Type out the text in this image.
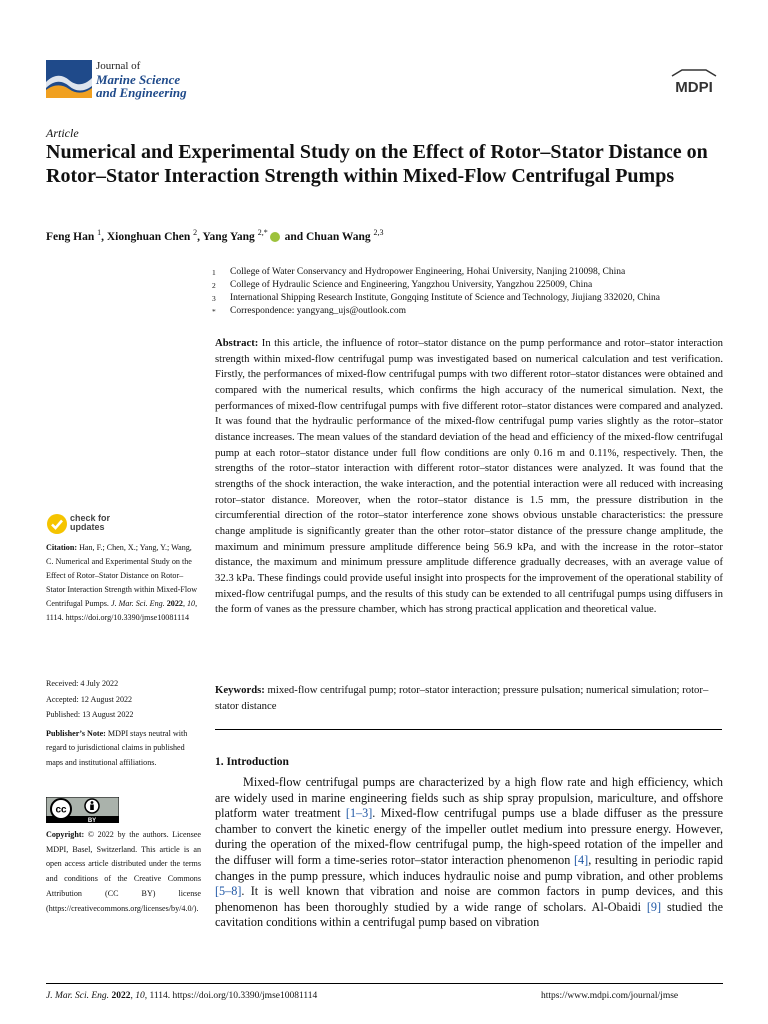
Journal of
Marine Science
and Engineering	MDPI
Article
Numerical and Experimental Study on the Effect of Rotor–Stator Distance on Rotor–Stator Interaction Strength within Mixed-Flow Centrifugal Pumps
Feng Han $^1$, Xionghuan Chen $^2$, Yang Yang $^{2,*}$ and Chuan Wang $^{2,3}$
1	College of Water Conservancy and Hydropower Engineering, Hohai University, Nanjing 210098, China
2	College of Hydraulic Science and Engineering, Yangzhou University, Yangzhou 225009, China
3	International Shipping Research Institute, Gongqing Institute of Science and Technology, Jiujiang 332020, China
*	Correspondence: yangyang_ujs@outlook.com

Abstract: In this article, the influence of rotor–stator distance on the pump performance and rotor–stator interaction strength within mixed-flow centrifugal pump was investigated based on numerical calculation and test verification. Firstly, the performances of mixed-flow centrifugal pumps with two different rotor–stator distances were obtained and compared with the numerical results, which confirms the high accuracy of the numerical simulation. Next, the performances of mixed-flow centrifugal pumps with five different rotor–stator distances were compared and analyzed. It was found that the hydraulic performance of the mixed-flow centrifugal pump varies slightly as the rotor–stator distance increases. The mean values of the standard deviation of the head and efficiency of the mixed-flow centrifugal pump at each rotor–stator distance under full flow conditions are only 0.16 m and 0.11%, respectively. Then, the strengths of the rotor–stator interaction with different rotor–stator distances were analyzed. It was found that the strengths of the shock interaction, the wake interaction, and the potential interaction were all reduced with increasing rotor–stator distance. Moreover, when the rotor–stator distance is 1.5 mm, the pressure distribution in the circumferential direction of the rotor–stator interference zone shows obvious unstable characteristics: the pressure change amplitude is significantly greater than the other rotor–stator distance of the pressure change amplitude, the maximum and minimum pressure amplitude difference being 56.9 kPa, and with the increase in the rotor–stator distance, the maximum and minimum pressure amplitude difference gradually decreases, with an average value of 32.3 kPa. These findings could provide useful insight into prospects for the improvement of the operational stability of mixed-flow centrifugal pumps, and the results of this study can be extended to all centrifugal pumps using diffusers in the form of vanes as the pressure chamber, which has strong practical application and theoretical value.

Keywords: mixed-flow centrifugal pump; rotor–stator interaction; pressure pulsation; numerical simulation; rotor–stator distance

check for
updates

Citation: Han, F.; Chen, X.; Yang, Y.; Wang, C. Numerical and Experimental Study on the Effect of Rotor–Stator Distance on Rotor–Stator Interaction Strength within Mixed-Flow Centrifugal Pumps. J. Mar. Sci. Eng. 2022, 10, 1114. https://doi.org/10.3390/jmse10081114

Received: 4 July 2022
Accepted: 12 August 2022
Published: 13 August 2022

Publisher’s Note: MDPI stays neutral with regard to jurisdictional claims in published maps and institutional affiliations.

cc
BY

Copyright: © 2022 by the authors. Licensee MDPI, Basel, Switzerland. This article is an open access article distributed under the terms and conditions of the Creative Commons Attribution (CC BY) license (https://creativecommons.org/licenses/by/4.0/).

1. Introduction

Mixed-flow centrifugal pumps are characterized by a high flow rate and high efficiency, which are widely used in marine engineering fields such as ship spray propulsion, mariculture, and offshore platform water treatment [1–3]. Mixed-flow centrifugal pumps use a blade diffuser as the pressure chamber to convert the kinetic energy of the impeller outlet medium into pressure energy. However, during the operation of the mixed-flow centrifugal pump, the high-speed rotation of the impeller and the diffuser will form a time-series rotor–stator interaction phenomenon [4], resulting in periodic rapid changes in the pump pressure, which induces hydraulic noise and pump vibration, and other problems [5–8]. It is well known that vibration and noise are common factors in pump devices, and this phenomenon has been thoroughly studied by a wide range of scholars. Al-Obaidi [9] studied the cavitation conditions within a centrifugal pump based on vibration

J. Mar. Sci. Eng. 2022, 10, 1114. https://doi.org/10.3390/jmse10081114	https://www.mdpi.com/journal/jmse
